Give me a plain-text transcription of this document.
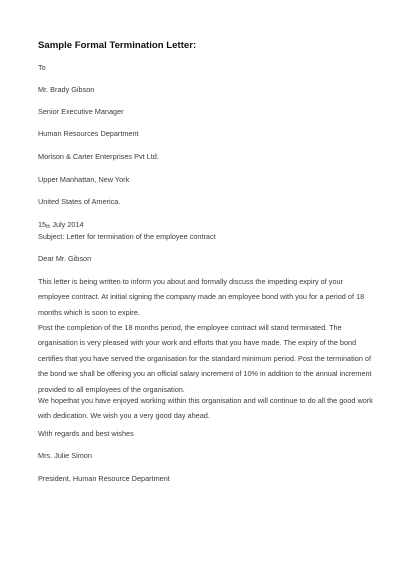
Sample Formal Termination Letter:
To
Mr. Brady Gibson
Senior Executive Manager
Human Resources Department
Morison & Carter Enterprises Pvt Ltd.
Upper Manhattan, New York
United States of America.
$15_{th}$ July 2014
Subject: Letter for termination of the employee contract
Dear Mr. Gibson
This letter is being written to inform you about and formally discuss the impeding expiry of your
employee contract. At initial signing the company made an employee bond with you for a period of 18
months which is soon to expire.
Post the completion of the 18 months period, the employee contract will stand terminated. The
organisation is very pleased with your work and efforts that you have made. The expiry of the bond
certifies that you have served the organisation for the standard minimum period. Post the termination of
the bond we shall be offering you an official salary increment of 10% in addition to the annual increment
provided to all employees of the organisation.
We hopethat you have enjoyed working within this organisation and will continue to do all the good work
with dedication. We wish you a very good day ahead.
With regards and best wishes
Mrs. Julie Simon
President, Human Resource Department
